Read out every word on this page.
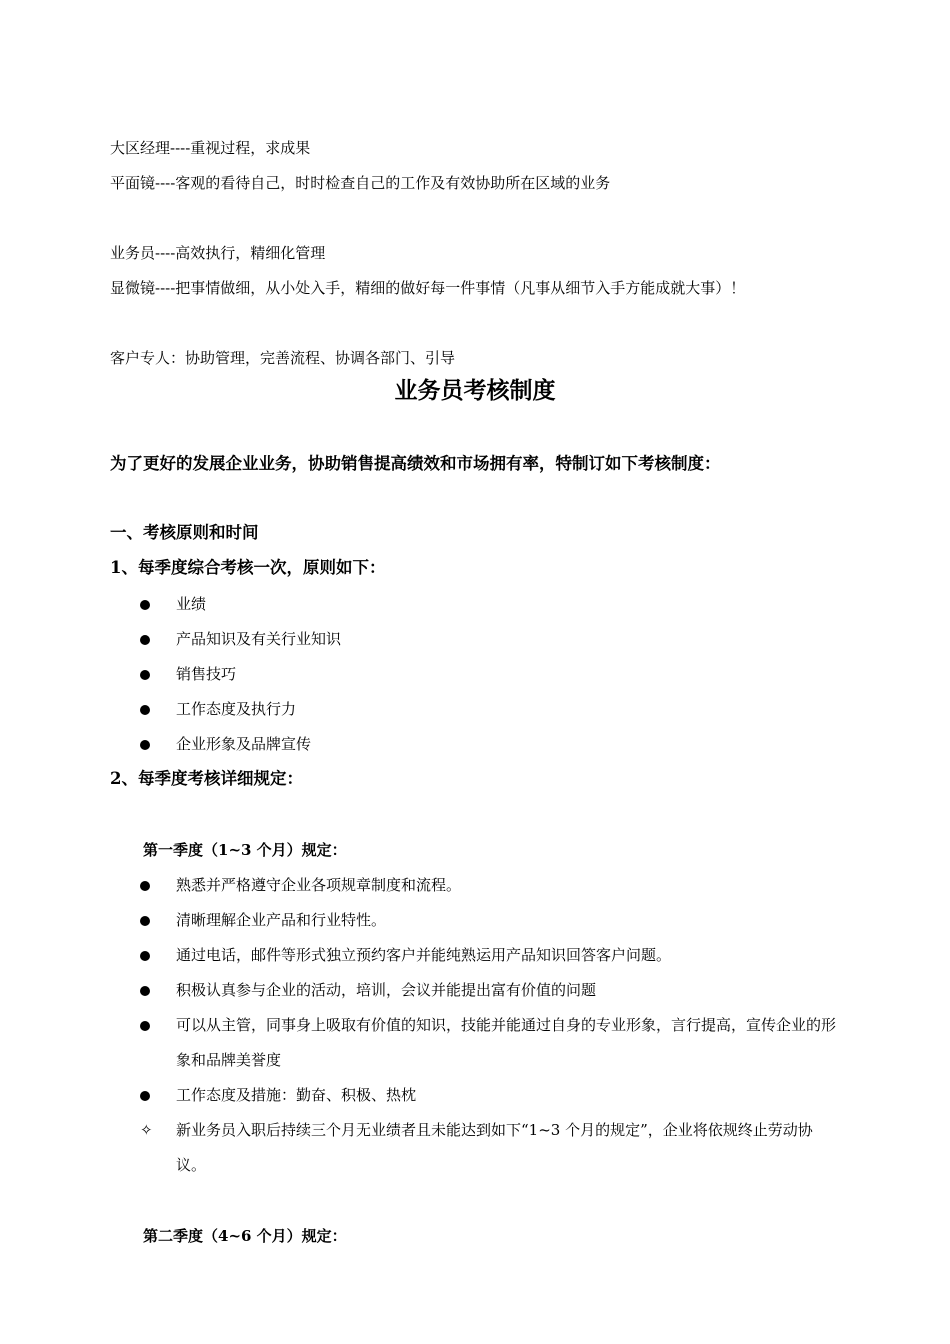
大区经理----重视过程，求成果
平面镜----客观的看待自己，时时检查自己的工作及有效协助所在区域的业务
业务员----高效执行，精细化管理
显微镜----把事情做细，从小处入手，精细的做好每一件事情（凡事从细节入手方能成就大事）！
客户专人：协助管理，完善流程、协调各部门、引导
业务员考核制度
为了更好的发展企业业务，协助销售提高绩效和市场拥有率，特制订如下考核制度：
一、考核原则和时间
1、每季度综合考核一次，原则如下：
业绩
产品知识及有关行业知识
销售技巧
工作态度及执行力
企业形象及品牌宣传
2、每季度考核详细规定：
第一季度（1~3 个月）规定：
熟悉并严格遵守企业各项规章制度和流程。
清晰理解企业产品和行业特性。
通过电话，邮件等形式独立预约客户并能纯熟运用产品知识回答客户问题。
积极认真参与企业的活动，培训，会议并能提出富有价值的问题
可以从主管，同事身上吸取有价值的知识，技能并能通过自身的专业形象，言行提高，宣传企业的形象和品牌美誉度
工作态度及措施：勤奋、积极、热枕
✧ 新业务员入职后持续三个月无业绩者且未能达到如下“1~3 个月的规定”，企业将依规终止劳动协议。
第二季度（4~6 个月）规定：
